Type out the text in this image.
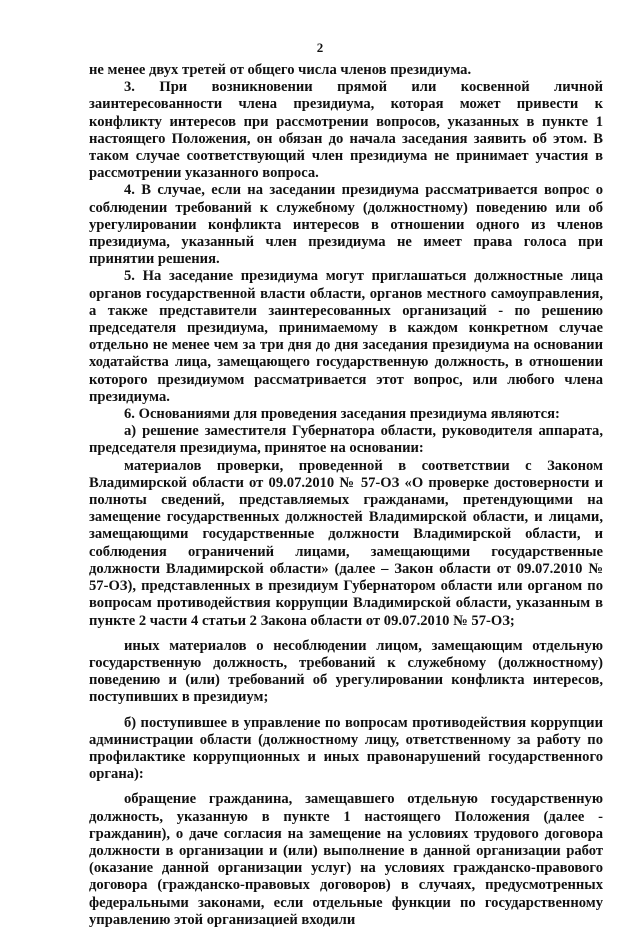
2

не менее двух третей от общего числа членов президиума.

3. При возникновении прямой или косвенной личной заинтересованности члена президиума, которая может привести к конфликту интересов при рассмотрении вопросов, указанных в пункте 1 настоящего Положения, он обязан до начала заседания заявить об этом. В таком случае соответствующий член президиума не принимает участия в рассмотрении указанного вопроса.

4. В случае, если на заседании президиума рассматривается вопрос о соблюдении требований к служебному (должностному) поведению или об урегулировании конфликта интересов в отношении одного из членов президиума, указанный член президиума не имеет права голоса при принятии решения.

5. На заседание президиума могут приглашаться должностные лица органов государственной власти области, органов местного самоуправления, а также представители заинтересованных организаций - по решению председателя президиума, принимаемому в каждом конкретном случае отдельно не менее чем за три дня до дня заседания президиума на основании ходатайства лица, замещающего государственную должность, в отношении которого президиумом рассматривается этот вопрос, или любого члена президиума.

6. Основаниями для проведения заседания президиума являются:

а) решение заместителя Губернатора области, руководителя аппарата, председателя президиума, принятое на основании:

материалов проверки, проведенной в соответствии с Законом Владимирской области от 09.07.2010 № 57-ОЗ «О проверке достоверности и полноты сведений, представляемых гражданами, претендующими на замещение государственных должностей Владимирской области, и лицами, замещающими государственные должности Владимирской области, и соблюдения ограничений лицами, замещающими государственные должности Владимирской области» (далее – Закон области от 09.07.2010 № 57-ОЗ), представленных в президиум Губернатором области или органом по вопросам противодействия коррупции Владимирской области, указанным в пункте 2 части 4 статьи 2 Закона области от 09.07.2010 № 57-ОЗ;

иных материалов о несоблюдении лицом, замещающим отдельную государственную должность, требований к служебному (должностному) поведению и (или) требований об урегулировании конфликта интересов, поступивших в президиум;

б) поступившее в управление по вопросам противодействия коррупции администрации области (должностному лицу, ответственному за работу по профилактике коррупционных и иных правонарушений государственного органа):

обращение гражданина, замещавшего отдельную государственную должность, указанную в пункте 1 настоящего Положения (далее - гражданин), о даче согласия на замещение на условиях трудового договора должности в организации и (или) выполнение в данной организации работ (оказание данной организации услуг) на условиях гражданско-правового договора (гражданско-правовых договоров) в случаях, предусмотренных федеральными законами, если отдельные функции по государственному управлению этой организацией входили
